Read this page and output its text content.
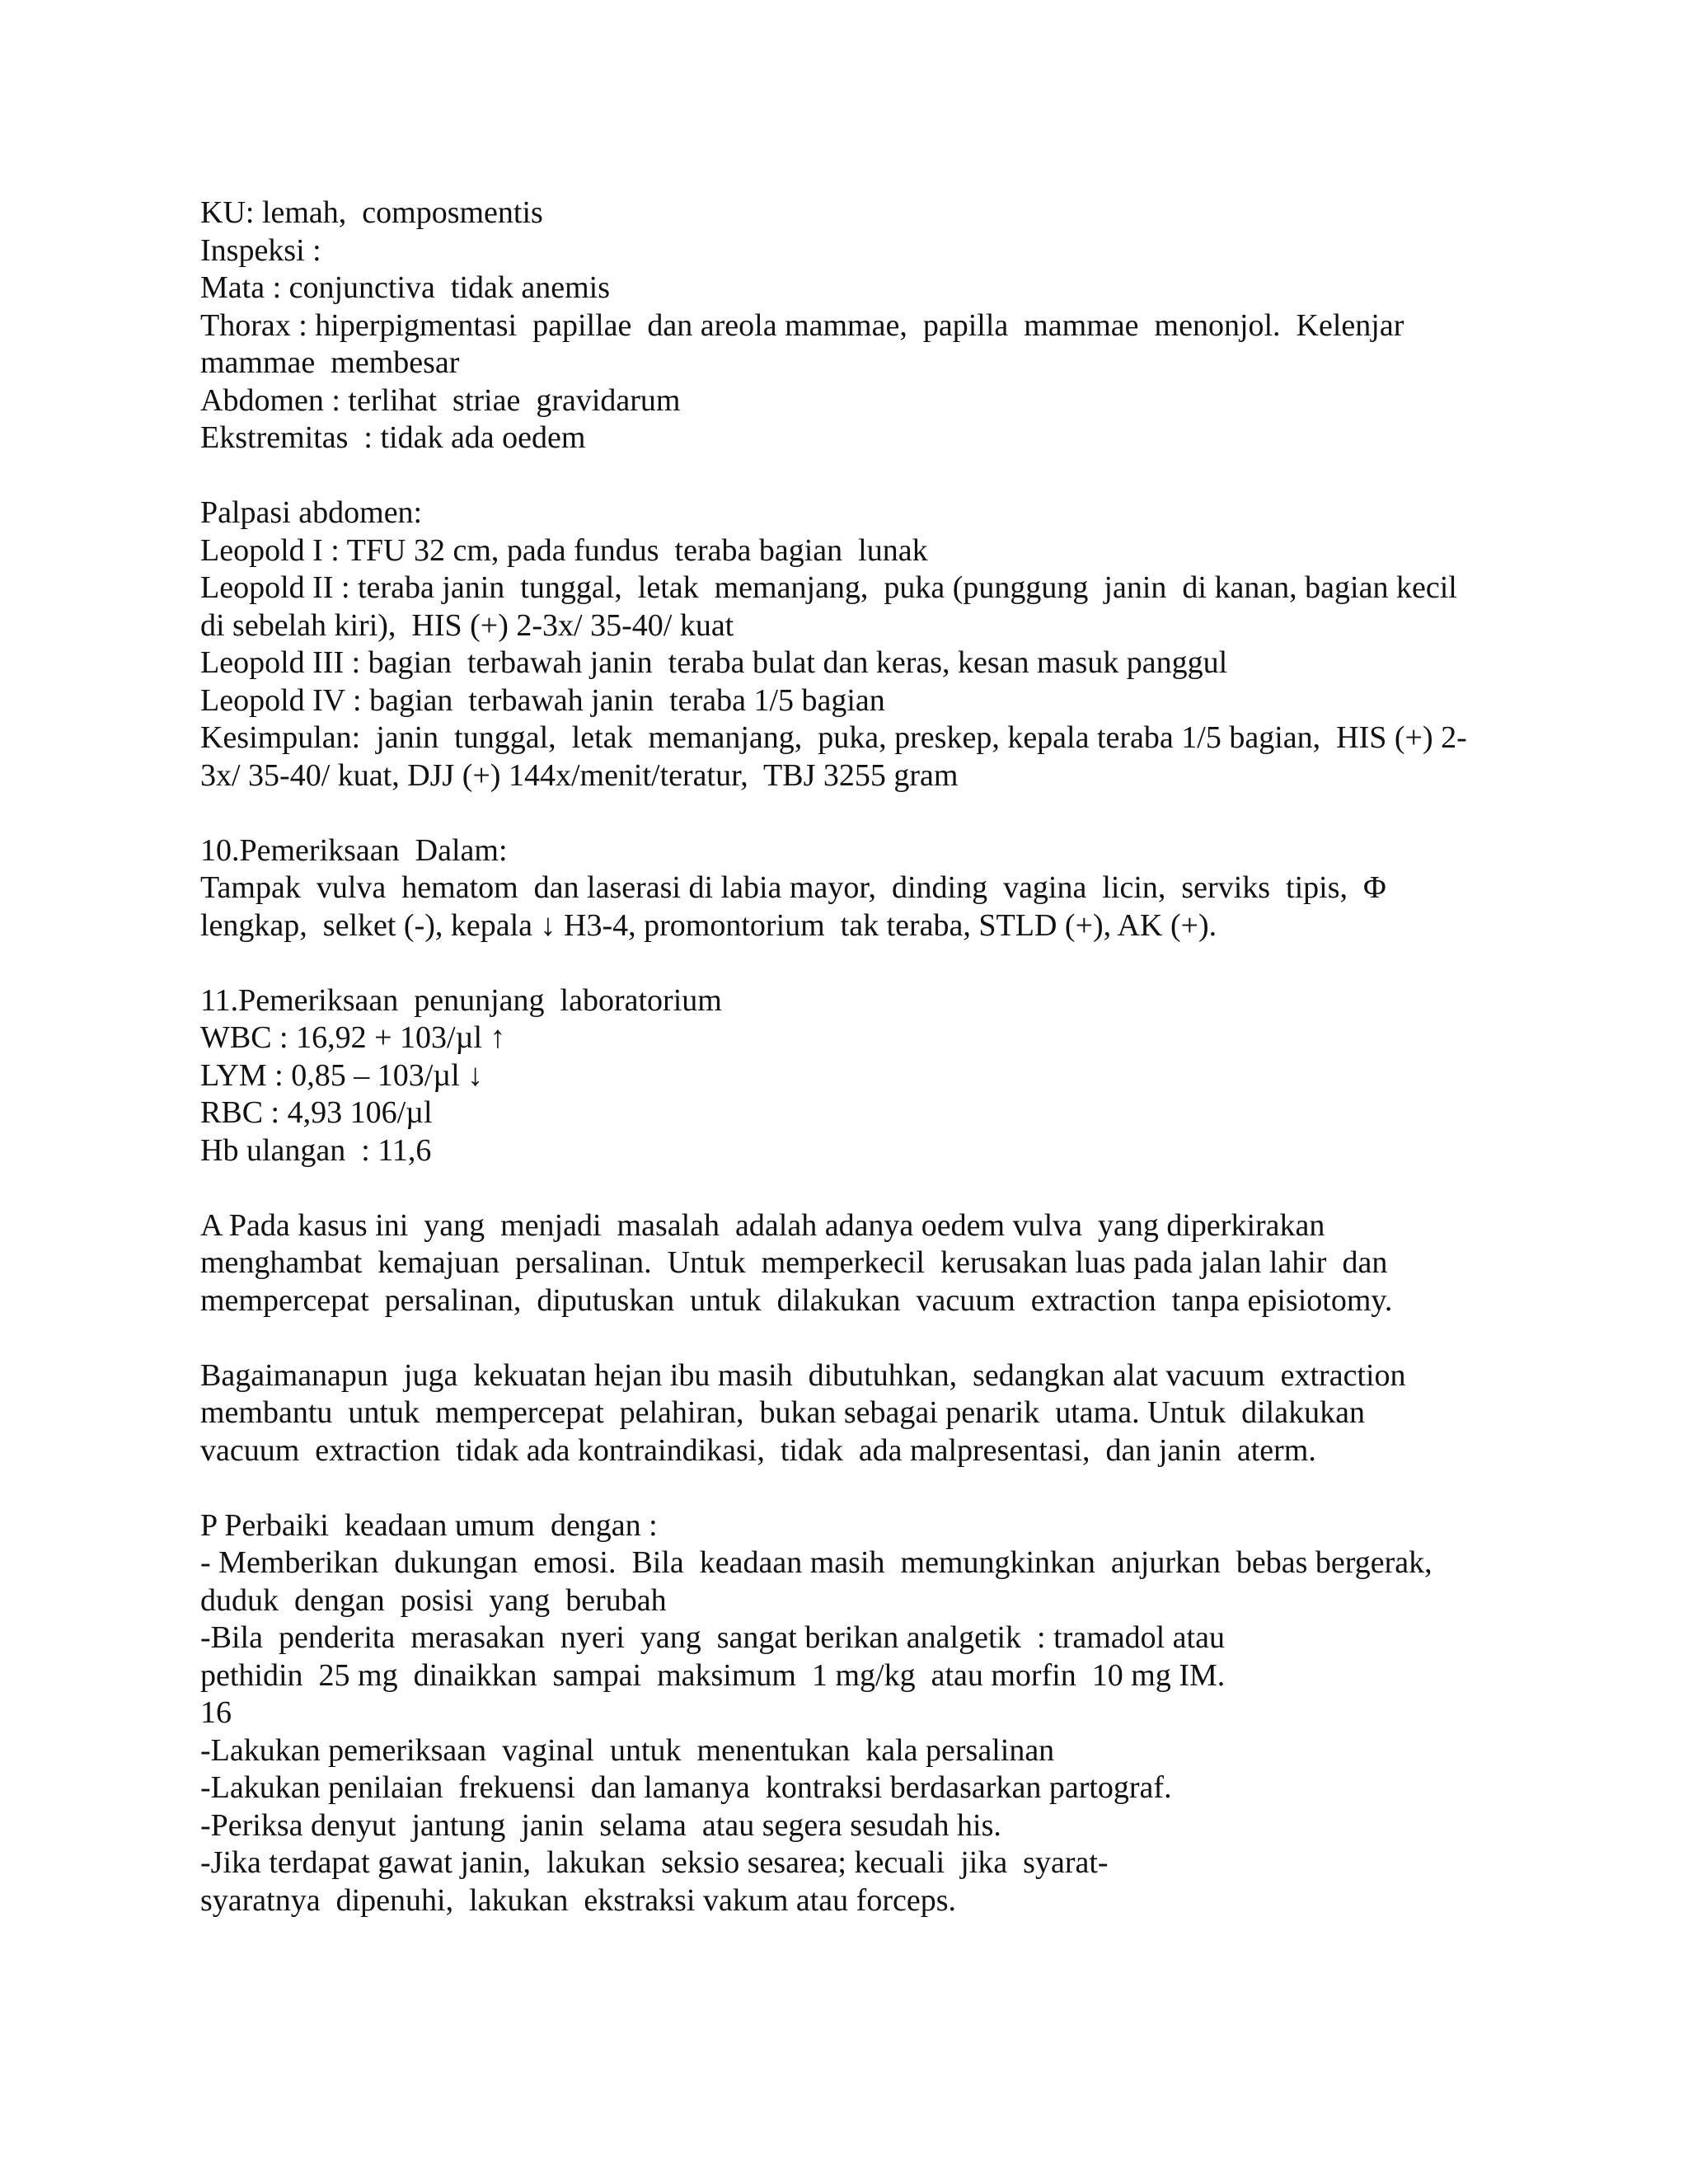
KU: lemah,  composmentis
Inspeksi :
Mata : conjunctiva  tidak anemis
Thorax : hiperpigmentasi  papillae  dan areola mammae,  papilla  mammae  menonjol.  Kelenjar
mammae  membesar
Abdomen : terlihat  striae  gravidarum
Ekstremitas  : tidak ada oedem
Palpasi abdomen:
Leopold I : TFU 32 cm, pada fundus  teraba bagian  lunak
Leopold II : teraba janin  tunggal,  letak  memanjang,  puka (punggung  janin  di kanan, bagian kecil
di sebelah kiri),  HIS (+) 2-3x/ 35-40/ kuat
Leopold III : bagian  terbawah janin  teraba bulat dan keras, kesan masuk panggul
Leopold IV : bagian  terbawah janin  teraba 1/5 bagian
Kesimpulan:  janin  tunggal,  letak  memanjang,  puka, preskep, kepala teraba 1/5 bagian,  HIS (+) 2-
3x/ 35-40/ kuat, DJJ (+) 144x/menit/teratur,  TBJ 3255 gram
10.Pemeriksaan  Dalam:
Tampak  vulva  hematom  dan laserasi di labia mayor,  dinding  vagina  licin,  serviks  tipis,  Φ
lengkap,  selket (-), kepala ↓ H3-4, promontorium  tak teraba, STLD (+), AK (+).
11.Pemeriksaan  penunjang  laboratorium
WBC : 16,92 + 103/µl ↑
LYM : 0,85 – 103/µl ↓
RBC : 4,93 106/µl
Hb ulangan  : 11,6
A Pada kasus ini  yang  menjadi  masalah  adalah adanya oedem vulva  yang diperkirakan
menghambat  kemajuan  persalinan.  Untuk  memperkecil  kerusakan luas pada jalan lahir  dan
mempercepat  persalinan,  diputuskan  untuk  dilakukan  vacuum  extraction  tanpa episiotomy.
Bagaimanapun  juga  kekuatan hejan ibu masih  dibutuhkan,  sedangkan alat vacuum  extraction
membantu  untuk  mempercepat  pelahiran,  bukan sebagai penarik  utama. Untuk  dilakukan
vacuum  extraction  tidak ada kontraindikasi,  tidak  ada malpresentasi,  dan janin  aterm.
P Perbaiki  keadaan umum  dengan :
- Memberikan  dukungan  emosi.  Bila  keadaan masih  memungkinkan  anjurkan  bebas bergerak,
duduk  dengan  posisi  yang  berubah
-Bila  penderita  merasakan  nyeri  yang  sangat berikan analgetik  : tramadol atau
pethidin  25 mg  dinaikkan  sampai  maksimum  1 mg/kg  atau morfin  10 mg IM.
16
-Lakukan pemeriksaan  vaginal  untuk  menentukan  kala persalinan
-Lakukan penilaian  frekuensi  dan lamanya  kontraksi berdasarkan partograf.
-Periksa denyut  jantung  janin  selama  atau segera sesudah his.
-Jika terdapat gawat janin,  lakukan  seksio sesarea; kecuali  jika  syarat-
syaratnya  dipenuhi,  lakukan  ekstraksi vakum atau forceps.
